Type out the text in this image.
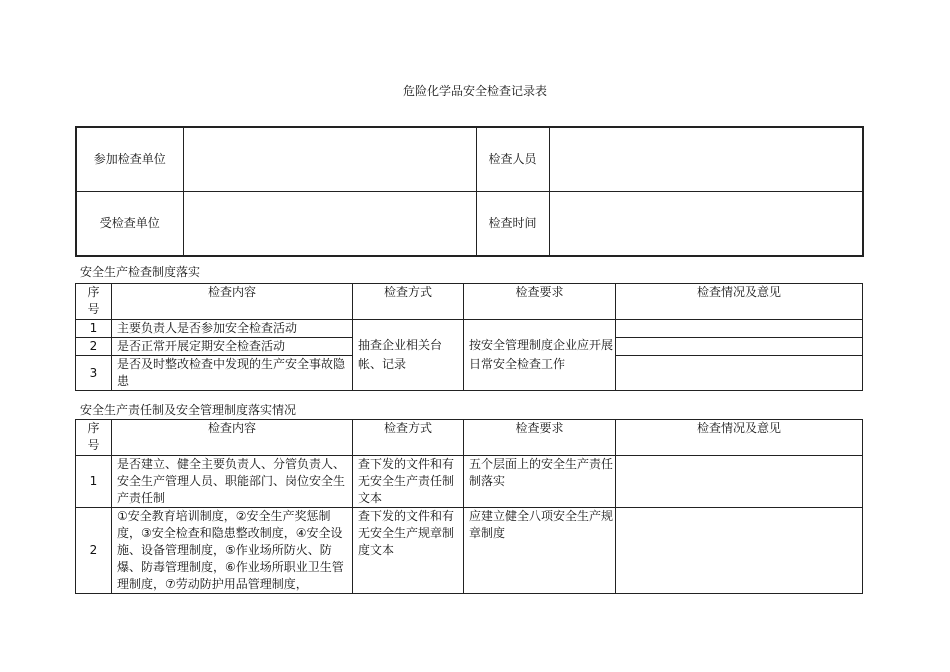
危险化学品安全检查记录表
参加检查单位		检查人员	
受检查单位		检查时间	
安全生产检查制度落实
序
号	检查内容	检查方式	检查要求	检查情况及意见
1	主要负责人是否参加安全检查活动	抽查企业相关台帐、记录	按安全管理制度企业应开展日常安全检查工作	
2	是否正常开展定期安全检查活动			
3	是否及时整改检查中发现的生产安全事故隐患			
安全生产责任制及安全管理制度落实情况
序
号	检查内容	检查方式	检查要求	检查情况及意见
1	是否建立、健全主要负责人、分管负责人、安全生产管理人员、职能部门、岗位安全生产责任制	查下发的文件和有无安全生产责任制文本	五个层面上的安全生产责任制落实	
2	①安全教育培训制度，②安全生产奖惩制度，③安全检查和隐患整改制度，④安全设施、设备管理制度，⑤作业场所防火、防爆、防毒管理制度，⑥作业场所职业卫生管理制度，⑦劳动防护用品管理制度，	查下发的文件和有无安全生产规章制度文本	应建立健全八项安全生产规章制度	
